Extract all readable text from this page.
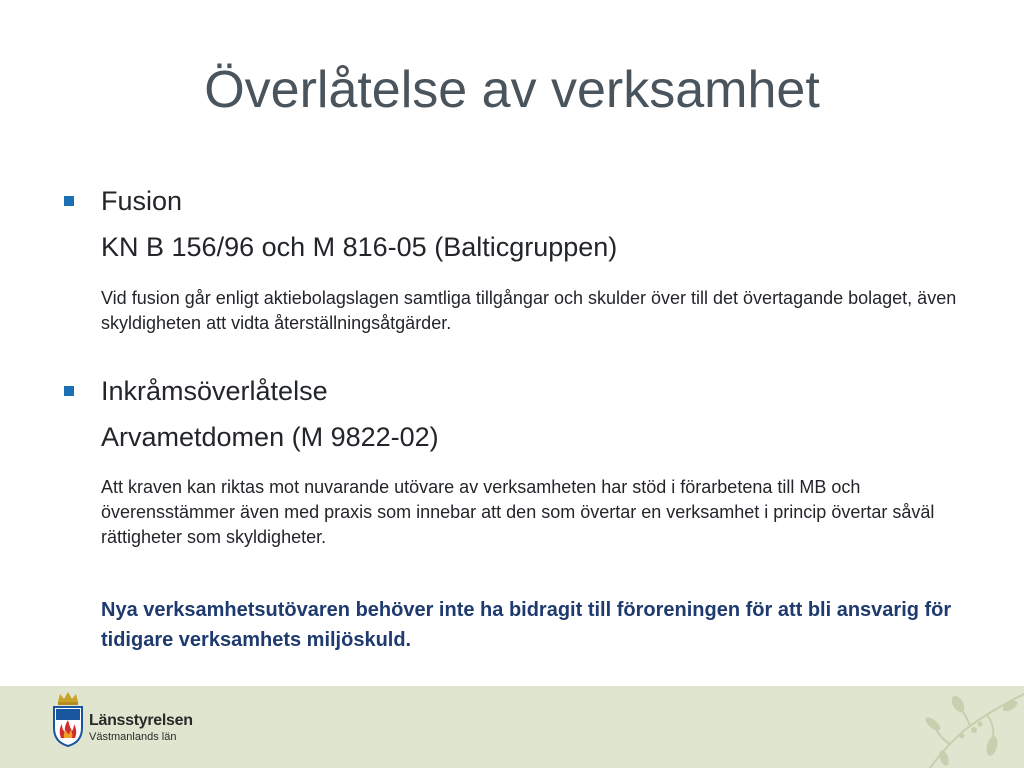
Överlåtelse av verksamhet
Fusion
KN B 156/96 och M 816-05 (Balticgruppen)
Vid fusion går enligt aktiebolagslagen samtliga tillgångar och skulder över till det övertagande bolaget, även skyldigheten att vidta återställningsåtgärder.
Inkråmsöverlåtelse
Arvametdomen (M 9822-02)
Att kraven kan riktas mot nuvarande utövare av verksamheten har stöd i förarbetena till MB och överensstämmer även med praxis som innebar att den som övertar en verksamhet i princip övertar såväl rättigheter som skyldigheter.
Nya verksamhetsutövaren behöver inte ha bidragit till föroreningen för att bli ansvarig för tidigare verksamhets miljöskuld.
Länsstyrelsen
Västmanlands län
